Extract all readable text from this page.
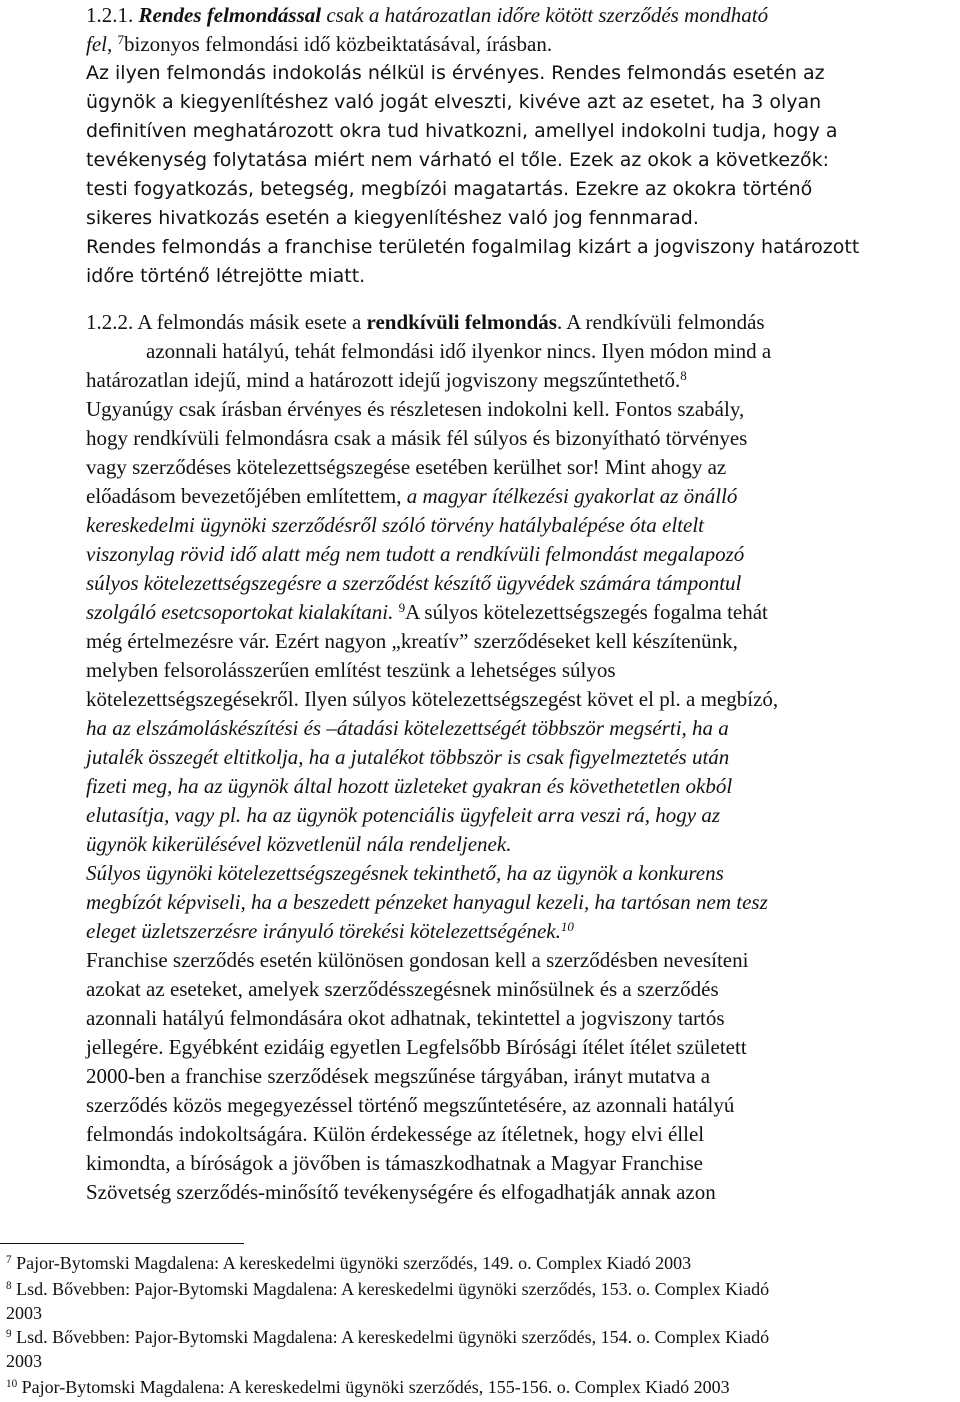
1.2.1. Rendes felmondással csak a határozatlan időre kötött szerződés mondható
fel, $^7$bizonyos felmondási idő közbeiktatásával, írásban.
Az ilyen felmondás indokolás nélkül is érvényes. Rendes felmondás esetén az
ügynök a kiegyenlítéshez való jogát elveszti, kivéve azt az esetet, ha 3 olyan
definitíven meghatározott okra tud hivatkozni, amellyel indokolni tudja, hogy a
tevékenység folytatása miért nem várható el tőle. Ezek az okok a következők:
testi fogyatkozás, betegség, megbízói magatartás. Ezekre az okokra történő
sikeres hivatkozás esetén a kiegyenlítéshez való jog fennmarad.
Rendes felmondás a franchise területén fogalmilag kizárt a jogviszony határozott
időre történő létrejötte miatt.
1.2.2. A felmondás másik esete a rendkívüli felmondás. A rendkívüli felmondás
azonnali hatályú, tehát felmondási idő ilyenkor nincs. Ilyen módon mind a
határozatlan idejű, mind a határozott idejű jogviszony megszűntethető.$^8$
Ugyanúgy csak írásban érvényes és részletesen indokolni kell. Fontos szabály,
hogy rendkívüli felmondásra csak a másik fél súlyos és bizonyítható törvényes
vagy szerződéses kötelezettségszegése esetében kerülhet sor! Mint ahogy az
előadásom bevezetőjében említettem, a magyar ítélkezési gyakorlat az önálló
kereskedelmi ügynöki szerződésről szóló törvény hatálybalépése óta eltelt
viszonylag rövid idő alatt még nem tudott a rendkívüli felmondást megalapozó
súlyos kötelezettségszegésre a szerződést készítő ügyvédek számára támpontul
szolgáló esetcsoportokat kialakítani. $^9$A súlyos kötelezettségszegés fogalma tehát
még értelmezésre vár. Ezért nagyon „kreatív” szerződéseket kell készítenünk,
melyben felsorolásszerűen említést teszünk a lehetséges súlyos
kötelezettségszegésekről. Ilyen súlyos kötelezettségszegést követ el pl. a megbízó,
ha az elszámoláskészítési és –átadási kötelezettségét többször megsérti, ha a
jutalék összegét eltitkolja, ha a jutalékot többször is csak figyelmeztetés után
fizeti meg, ha az ügynök által hozott üzleteket gyakran és követhetetlen okból
elutasítja, vagy pl. ha az ügynök potenciális ügyfeleit arra veszi rá, hogy az
ügynök kikerülésével közvetlenül nála rendeljenek.
Súlyos ügynöki kötelezettségszegésnek tekinthető, ha az ügynök a konkurens
megbízót képviseli, ha a beszedett pénzeket hanyagul kezeli, ha tartósan nem tesz
eleget üzletszerzésre irányuló törekési kötelezettségének.$^{10}$
Franchise szerződés esetén különösen gondosan kell a szerződésben nevesíteni
azokat az eseteket, amelyek szerződésszegésnek minősülnek és a szerződés
azonnali hatályú felmondására okot adhatnak, tekintettel a jogviszony tartós
jellegére. Egyébként ezidáig egyetlen Legfelsőbb Bírósági ítélet ítélet született
2000-ben a franchise szerződések megszűnése tárgyában, irányt mutatva a
szerződés közös megegyezéssel történő megszűntetésére, az azonnali hatályú
felmondás indokoltságára. Külön érdekessége az ítéletnek, hogy elvi éllel
kimondta, a bíróságok a jövőben is támaszkodhatnak a Magyar Franchise
Szövetség szerződés-minősítő tevékenységére és elfogadhatják annak azon
$^7$ Pajor-Bytomski Magdalena: A kereskedelmi ügynöki szerződés, 149. o. Complex Kiadó 2003
$^8$ Lsd. Bővebben: Pajor-Bytomski Magdalena: A kereskedelmi ügynöki szerződés, 153. o. Complex Kiadó
2003
$^9$ Lsd. Bővebben: Pajor-Bytomski Magdalena: A kereskedelmi ügynöki szerződés, 154. o. Complex Kiadó
2003
$^{10}$ Pajor-Bytomski Magdalena: A kereskedelmi ügynöki szerződés, 155-156. o. Complex Kiadó 2003
